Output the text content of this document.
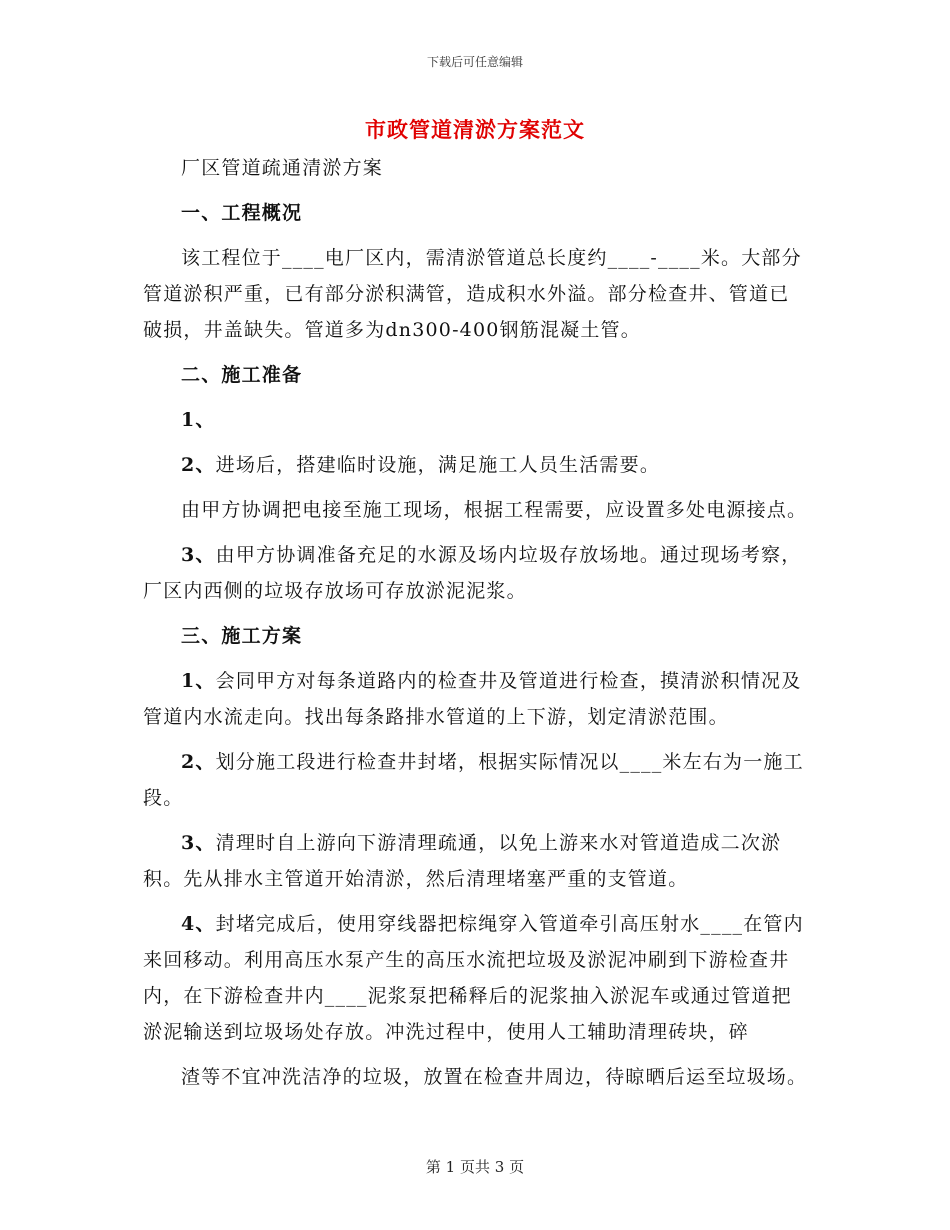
下载后可任意编辑
市政管道清淤方案范文

厂区管道疏通清淤方案

一、工程概况

该工程位于____电厂区内，需清淤管道总长度约____-____米。大部分管道淤积严重，已有部分淤积满管，造成积水外溢。部分检查井、管道已破损，井盖缺失。管道多为dn300-400钢筋混凝土管。

二、施工准备

1、

2、进场后，搭建临时设施，满足施工人员生活需要。

由甲方协调把电接至施工现场，根据工程需要，应设置多处电源接点。

3、由甲方协调准备充足的水源及场内垃圾存放场地。通过现场考察，厂区内西侧的垃圾存放场可存放淤泥泥浆。

三、施工方案

1、会同甲方对每条道路内的检查井及管道进行检查，摸清淤积情况及管道内水流走向。找出每条路排水管道的上下游，划定清淤范围。

2、划分施工段进行检查井封堵，根据实际情况以____米左右为一施工段。

3、清理时自上游向下游清理疏通，以免上游来水对管道造成二次淤积。先从排水主管道开始清淤，然后清理堵塞严重的支管道。

4、封堵完成后，使用穿线器把棕绳穿入管道牵引高压射水____在管内来回移动。利用高压水泵产生的高压水流把垃圾及淤泥冲刷到下游检查井内，在下游检查井内____泥浆泵把稀释后的泥浆抽入淤泥车或通过管道把淤泥输送到垃圾场处存放。冲洗过程中，使用人工辅助清理砖块，碎

渣等不宜冲洗洁净的垃圾，放置在检查井周边，待晾晒后运至垃圾场。

第 1 页共 3 页
